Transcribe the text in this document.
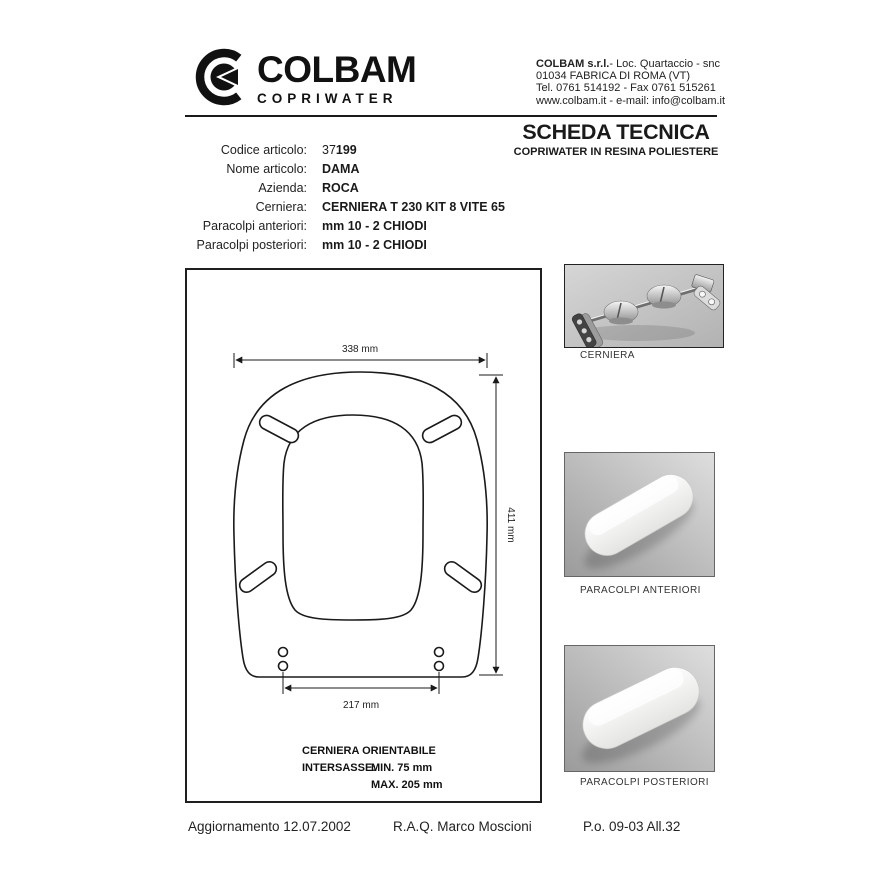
COLBAM
COPRIWATER
COLBAM s.r.l. - Loc. Quartaccio - snc
01034 FABRICA DI ROMA (VT)
Tel. 0761 514192 - Fax 0761 515261
www.colbam.it - e-mail: info@colbam.it
SCHEDA TECNICA
COPRIWATER IN RESINA POLIESTERE
Codice articolo:	37199
Nome articolo:	DAMA
Azienda:	ROCA
Cerniera:	CERNIERA T 230 KIT 8 VITE 65
Paracolpi anteriori:	mm 10 - 2 CHIODI
Paracolpi posteriori:	mm 10 - 2 CHIODI
338 mm
411 mm
217 mm
CERNIERA ORIENTABILE
INTERSASSE:
MIN. 75 mm
MAX. 205 mm
CERNIERA
PARACOLPI ANTERIORI
PARACOLPI POSTERIORI
Aggiornamento 12.07.2002	R.A.Q. Marco Moscioni	P.o. 09-03 All.32
